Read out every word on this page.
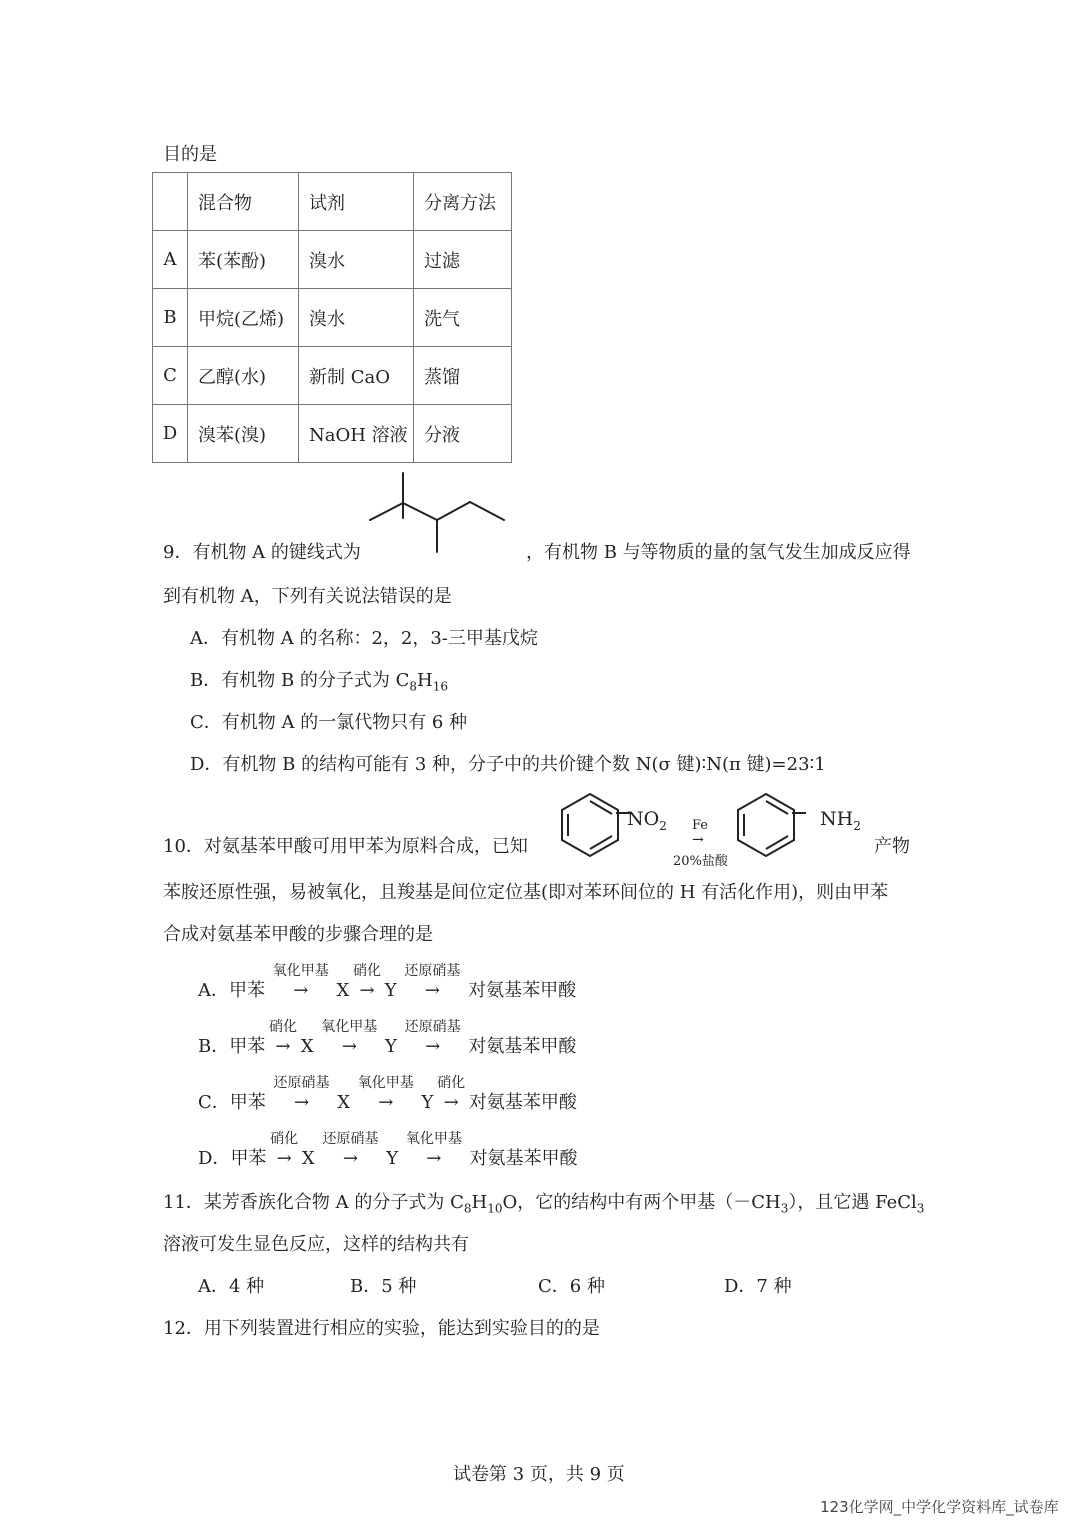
目的是
	混合物	试剂	分离方法
A	苯(苯酚)	溴水	过滤
B	甲烷(乙烯)	溴水	洗气
C	乙醇(水)	新制 CaO	蒸馏
D	溴苯(溴)	NaOH 溶液	分液
9．有机物 A 的键线式为	，有机物 B 与等物质的量的氢气发生加成反应得
到有机物 A，下列有关说法错误的是
A．有机物 A 的名称：2，2，3-三甲基戊烷
B．有机物 B 的分子式为 $C_8H_{16}$
C．有机物 A 的一氯代物只有 6 种
D．有机物 B 的结构可能有 3 种，分子中的共价键个数 N(σ 键)∶N(π 键)=23∶1
10．对氨基苯甲酸可用甲苯为原料合成，已知
$NO_2$ Fe
→
20%盐酸
$NH_2$
产物
苯胺还原性强，易被氧化，且羧基是间位定位基(即对苯环间位的 H 有活化作用)，则由甲苯
合成对氨基苯甲酸的步骤合理的是
A．甲苯
氧化甲基
→ X
硝化
→ Y
还原硝基
→ 对氨基苯甲酸
B．甲苯
硝化
→ X
氧化甲基
→ Y
还原硝基
→ 对氨基苯甲酸
C．甲苯
还原硝基
→ X
氧化甲基
→ Y
硝化
→ 对氨基苯甲酸
D．甲苯
硝化
→ X
还原硝基
→ Y
氧化甲基
→ 对氨基苯甲酸
11．某芳香族化合物 A 的分子式为 $C_8H_{10}O$，它的结构中有两个甲基$(-CH_3)$，且它遇 FeCl$_3$
溶液可发生显色反应，这样的结构共有
A．4 种	B．5 种	C．6 种	D．7 种
12．用下列装置进行相应的实验，能达到实验目的的是
试卷第 3 页，共 9 页
123化学网_中学化学资料库_试卷库
